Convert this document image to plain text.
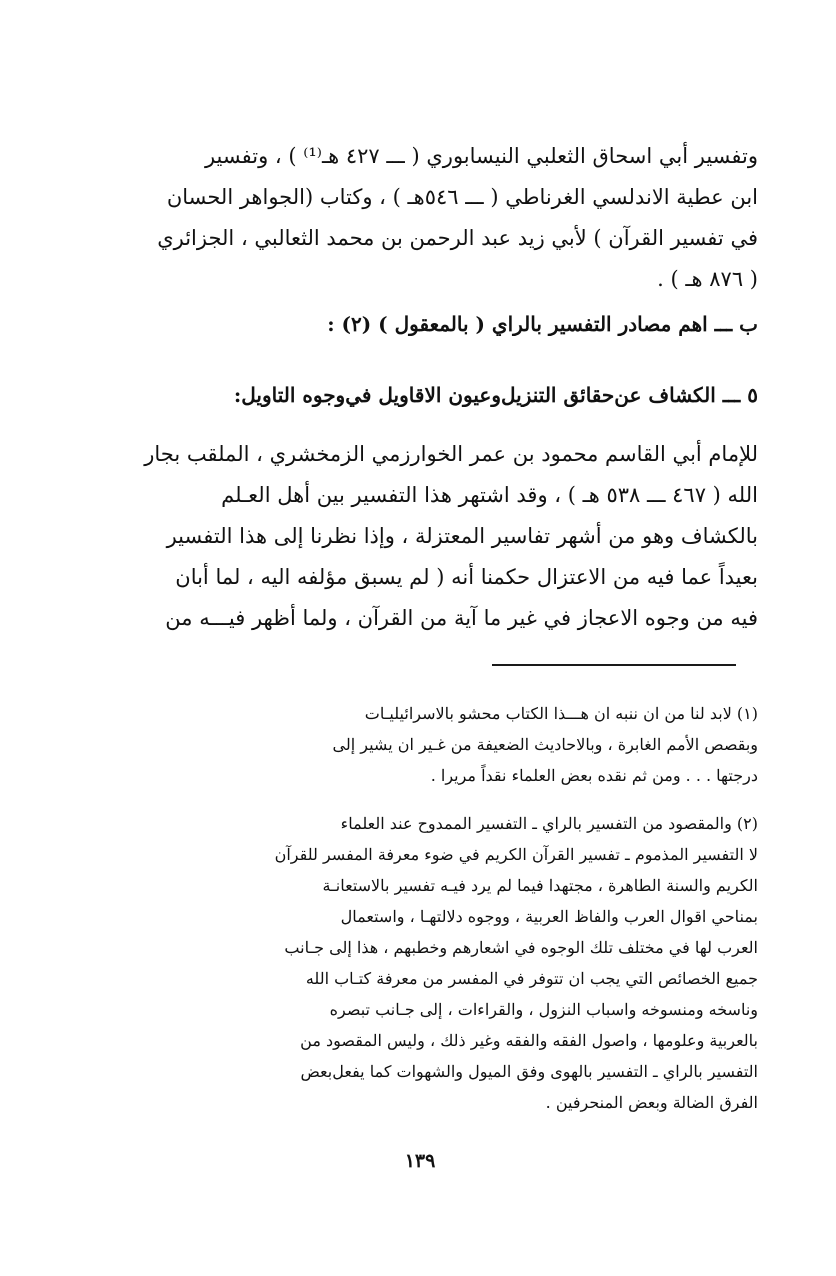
وتفسير أبي اسحاق الثعلبي النيسابوري ( ـــ ٤٢٧ هـ⁽¹⁾ ) ، وتفسير
ابن عطية الاندلسي الغرناطي ( ـــ ٥٤٦هـ ) ، وكتاب (الجواهر الحسان
في تفسير القرآن ) لأبي زيد عبد الرحمن بن محمد الثعالبي ، الجزائري
( ٨٧٦ هـ ) .
ب ـــ اهم مصادر التفسير بالراي ( بالمعقول ) (٢) :
٥ ـــ الكشاف عن‌حقائق التنزيل‌وعيون الاقاويل في‌وجوه التاويل:
للإمام أبي القاسم محمود بن عمر الخوارزمي الزمخشري ، الملقب بجار
الله ( ٤٦٧ ـــ ٥٣٨ هـ ) ، وقد اشتهر هذا التفسير بين أهل العـلم
بالكشاف وهو من أشهر تفاسير المعتزلة ، وإذا نظرنا إلى هذا التفسير
بعيداً عما فيه من الاعتزال حكمنا أنه ( لم يسبق مؤلفه اليه ، لما أبان
فيه من وجوه الاعجاز في غير ما آية من القرآن ، ولما أظهر فيـــه من
(١) لابد لنا من ان ننبه ان هـــذا الكتاب محشو بالاسرائيليـات
وبقصص الأمم الغابرة ، وبالاحاديث الضعيفة من غـير ان يشير إلى
درجتها . . . ومن ثم نقده بعض العلماء نقداً مريرا .
(٢) والمقصود من التفسير بالراي ـ التفسير الممدوح عند العلماء
لا التفسير المذموم ـ تفسير القرآن الكريم في ضوء معرفة المفسر للقرآن
الكريم والسنة الطاهرة ، مجتهدا فيما لم يرد فيـه تفسير بالاستعانـة
بمناحي اقوال العرب والفاظ العربية ، ووجوه دلالتهـا ، واستعمال
العرب لها في مختلف تلك الوجوه في اشعارهم وخطبهم ، هذا إلى جـانب
جميع الخصائص التي يجب ان تتوفر في المفسر من معرفة كتـاب الله
وناسخه ومنسوخه واسباب النزول ، والقراءات ، إلى جـانب تبصره
بالعربية وعلومها ، واصول الفقه والفقه وغير ذلك ، وليس المقصود من
التفسير بالراي ـ التفسير بالهوى وفق الميول والشهوات كما يفعل‌بعض
الفرق الضالة وبعض المنحرفين .
١٣٩
